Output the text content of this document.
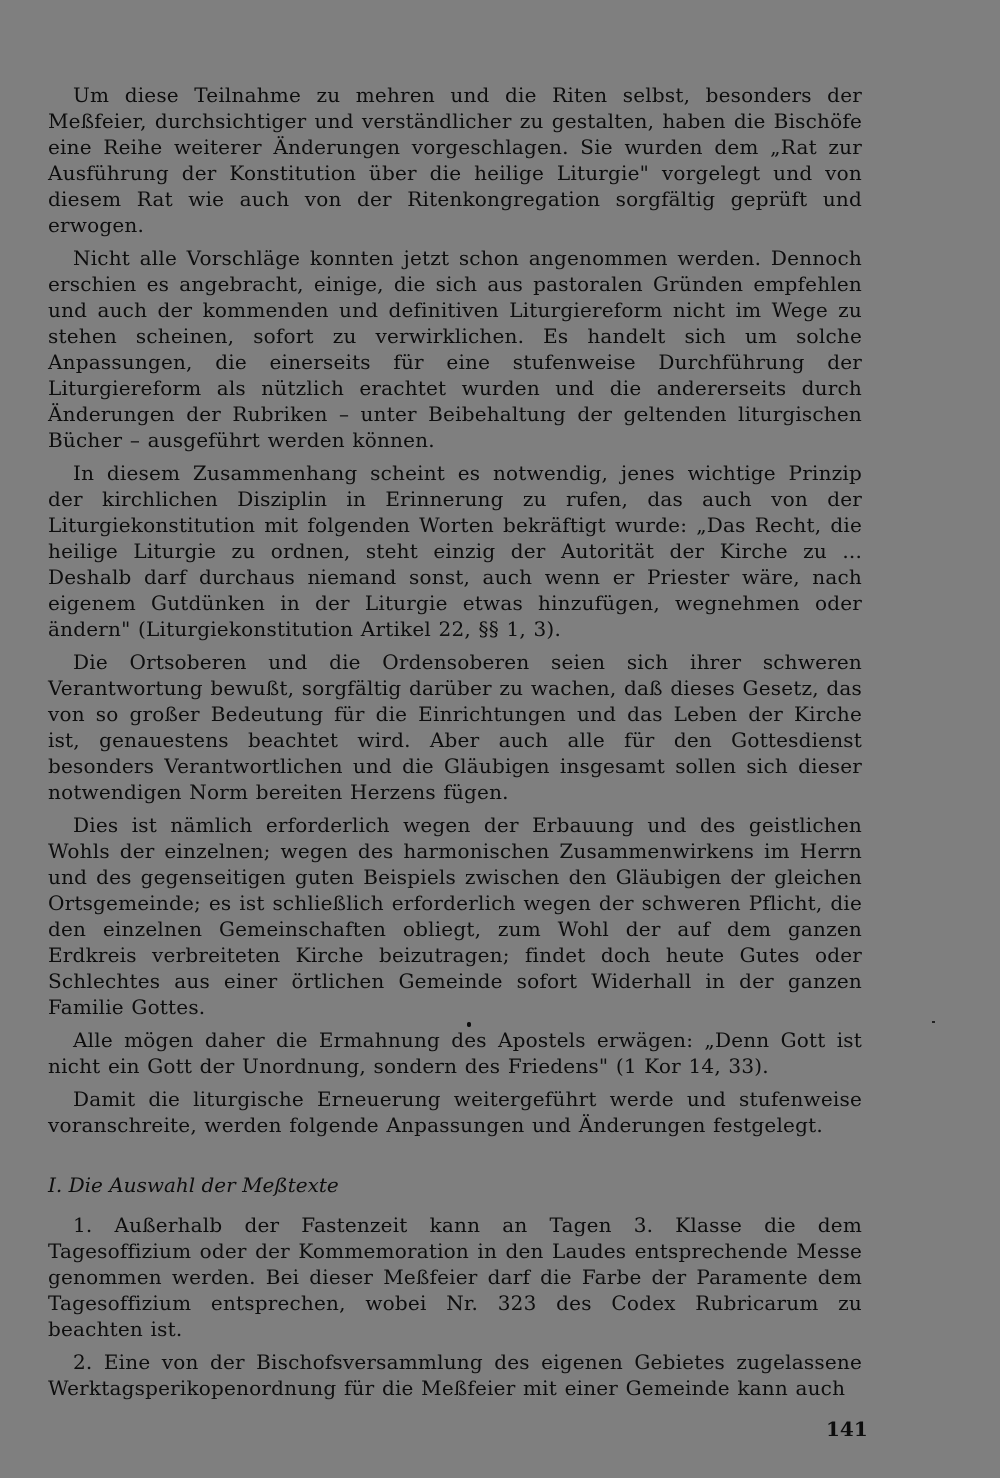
Um diese Teilnahme zu mehren und die Riten selbst, besonders der Meßfeier, durchsichtiger und verständlicher zu gestalten, haben die Bischöfe eine Reihe weiterer Änderungen vorgeschlagen. Sie wurden dem „Rat zur Ausführung der Konstitution über die heilige Liturgie" vorgelegt und von diesem Rat wie auch von der Ritenkongregation sorgfältig geprüft und erwogen.

Nicht alle Vorschläge konnten jetzt schon angenommen werden. Dennoch erschien es angebracht, einige, die sich aus pastoralen Gründen empfehlen und auch der kommenden und definitiven Liturgiereform nicht im Wege zu stehen scheinen, sofort zu verwirklichen. Es handelt sich um solche Anpassungen, die einerseits für eine stufenweise Durchführung der Liturgiereform als nützlich erachtet wurden und die andererseits durch Änderungen der Rubriken – unter Beibehaltung der geltenden liturgischen Bücher – ausgeführt werden können.

In diesem Zusammenhang scheint es notwendig, jenes wichtige Prinzip der kirchlichen Disziplin in Erinnerung zu rufen, das auch von der Liturgiekonstitution mit folgenden Worten bekräftigt wurde: „Das Recht, die heilige Liturgie zu ordnen, steht einzig der Autorität der Kirche zu ... Deshalb darf durchaus niemand sonst, auch wenn er Priester wäre, nach eigenem Gutdünken in der Liturgie etwas hinzufügen, wegnehmen oder ändern" (Liturgiekonstitution Artikel 22, §§ 1, 3).

Die Ortsoberen und die Ordensoberen seien sich ihrer schweren Verantwortung bewußt, sorgfältig darüber zu wachen, daß dieses Gesetz, das von so großer Bedeutung für die Einrichtungen und das Leben der Kirche ist, genauestens beachtet wird. Aber auch alle für den Gottesdienst besonders Verantwortlichen und die Gläubigen insgesamt sollen sich dieser notwendigen Norm bereiten Herzens fügen.

Dies ist nämlich erforderlich wegen der Erbauung und des geistlichen Wohls der einzelnen; wegen des harmonischen Zusammenwirkens im Herrn und des gegenseitigen guten Beispiels zwischen den Gläubigen der gleichen Ortsgemeinde; es ist schließlich erforderlich wegen der schweren Pflicht, die den einzelnen Gemeinschaften obliegt, zum Wohl der auf dem ganzen Erdkreis verbreiteten Kirche beizutragen; findet doch heute Gutes oder Schlechtes aus einer örtlichen Gemeinde sofort Widerhall in der ganzen Familie Gottes.

Alle mögen daher die Ermahnung des Apostels erwägen: „Denn Gott ist nicht ein Gott der Unordnung, sondern des Friedens" (1 Kor 14, 33).

Damit die liturgische Erneuerung weitergeführt werde und stufenweise voranschreite, werden folgende Anpassungen und Änderungen festgelegt.

I. Die Auswahl der Meßtexte

1. Außerhalb der Fastenzeit kann an Tagen 3. Klasse die dem Tagesoffizium oder der Kommemoration in den Laudes entsprechende Messe genommen werden. Bei dieser Meßfeier darf die Farbe der Paramente dem Tagesoffizium entsprechen, wobei Nr. 323 des Codex Rubricarum zu beachten ist.

2. Eine von der Bischofsversammlung des eigenen Gebietes zugelassene Werktagsperikopenordnung für die Meßfeier mit einer Gemeinde kann auch

141
